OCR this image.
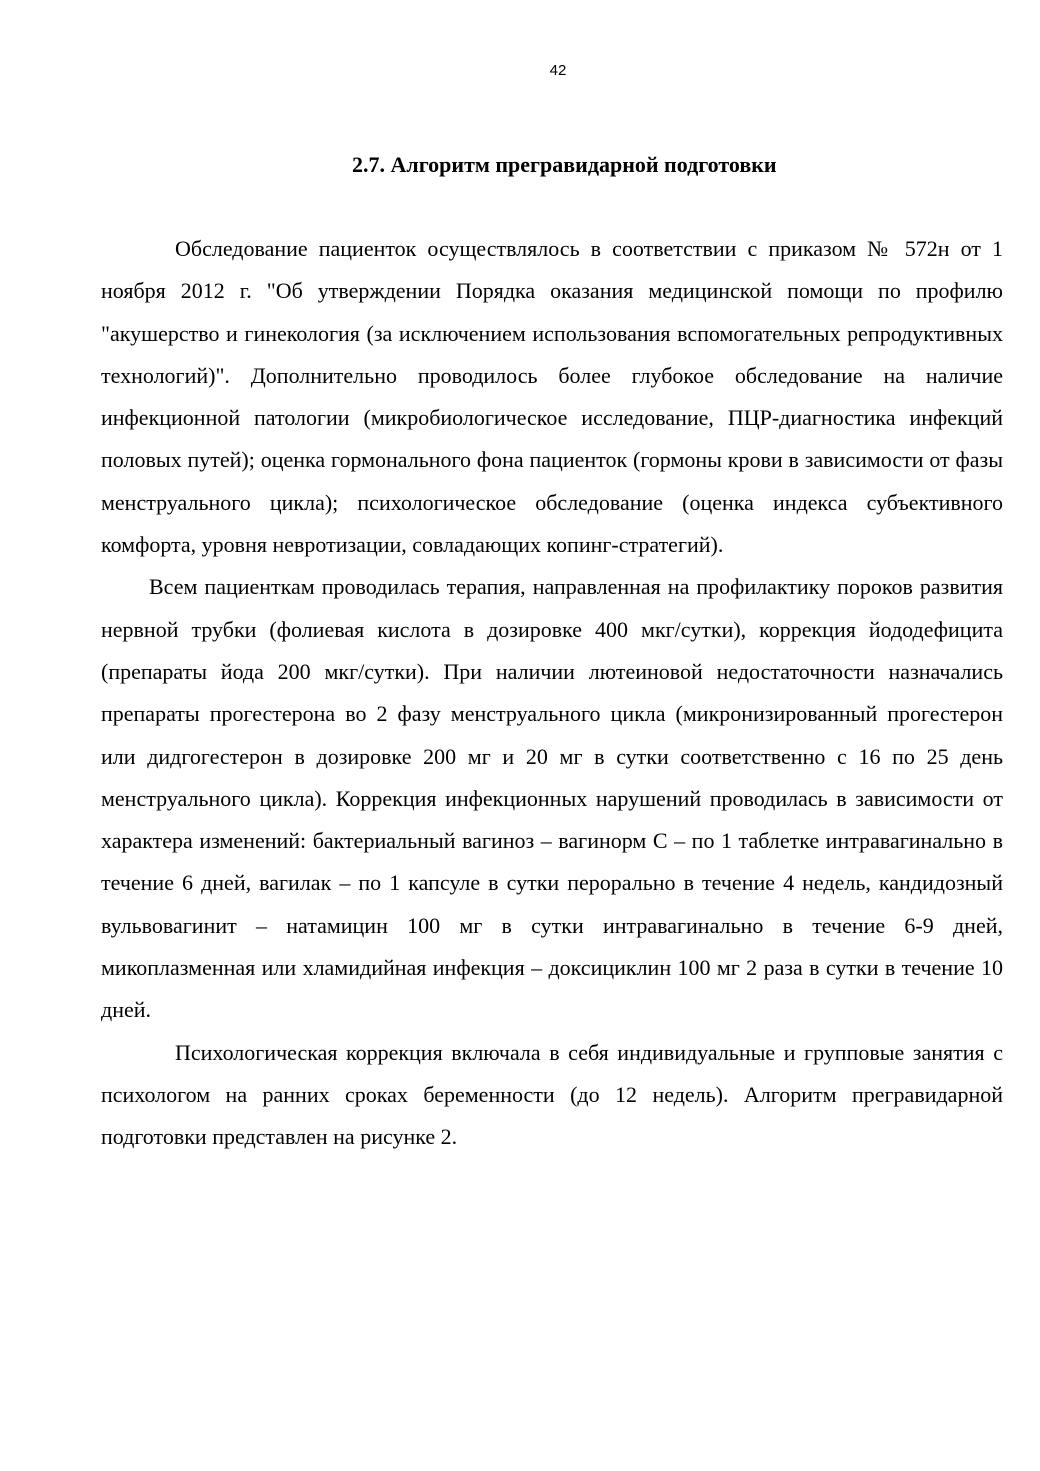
42
2.7. Алгоритм прегравидарной подготовки

Обследование пациенток осуществлялось в соответствии с приказом № 572н от 1 ноября 2012 г. "Об утверждении Порядка оказания медицинской помощи по профилю "акушерство и гинекология (за исключением использования вспомогательных репродуктивных технологий)". Дополнительно проводилось более глубокое обследование на наличие инфекционной патологии (микробиологическое исследование, ПЦР-диагностика инфекций половых путей); оценка гормонального фона пациенток (гормоны крови в зависимости от фазы менструального цикла); психологическое обследование (оценка индекса субъективного комфорта, уровня невротизации, совладающих копинг-стратегий).

Всем пациенткам проводилась терапия, направленная на профилактику пороков развития нервной трубки (фолиевая кислота в дозировке 400 мкг/сутки), коррекция йододефицита (препараты йода 200 мкг/сутки). При наличии лютеиновой недостаточности назначались препараты прогестерона во 2 фазу менструального цикла (микронизированный прогестерон или дидгогестерон в дозировке 200 мг и 20 мг в сутки соответственно с 16 по 25 день менструального цикла). Коррекция инфекционных нарушений проводилась в зависимости от характера изменений: бактериальный вагиноз – вагинорм С – по 1 таблетке интравагинально в течение 6 дней, вагилак – по 1 капсуле в сутки перорально в течение 4 недель, кандидозный вульвовагинит – натамицин 100 мг в сутки интравагинально в течение 6-9 дней, микоплазменная или хламидийная инфекция – доксициклин 100 мг 2 раза в сутки в течение 10 дней.

Психологическая коррекция включала в себя индивидуальные и групповые занятия с психологом на ранних сроках беременности (до 12 недель). Алгоритм прегравидарной подготовки представлен на рисунке 2.
